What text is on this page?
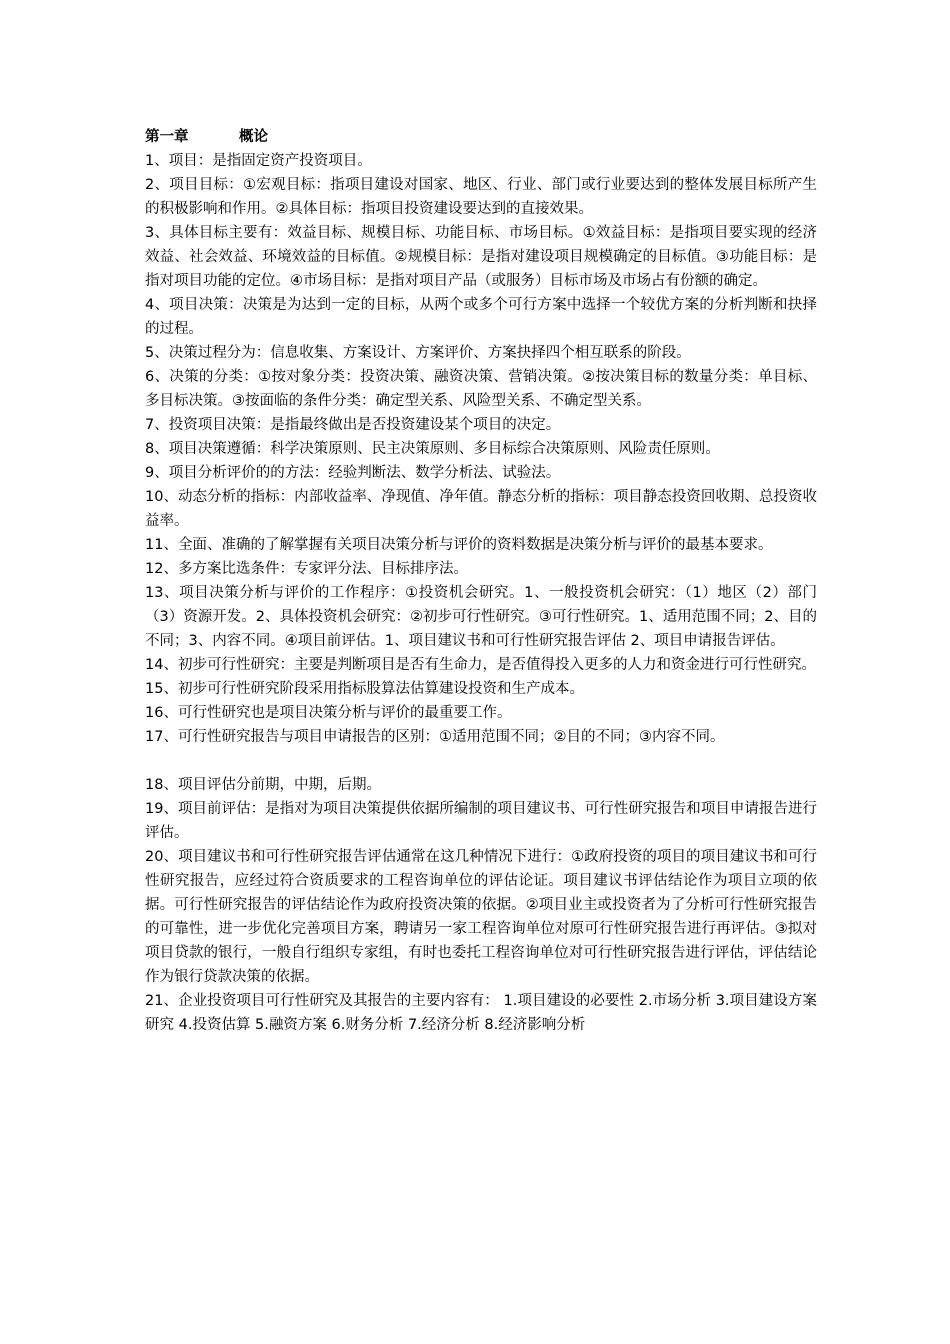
第一章          概论

1、项目：是指固定资产投资项目。

2、项目目标：①宏观目标：指项目建设对国家、地区、行业、部门或行业要达到的整体发展目标所产生的积极影响和作用。②具体目标：指项目投资建设要达到的直接效果。

3、具体目标主要有：效益目标、规模目标、功能目标、市场目标。①效益目标：是指项目要实现的经济效益、社会效益、环境效益的目标值。②规模目标：是指对建设项目规模确定的目标值。③功能目标：是指对项目功能的定位。④市场目标：是指对项目产品（或服务）目标市场及市场占有份额的确定。

4、项目决策：决策是为达到一定的目标，从两个或多个可行方案中选择一个较优方案的分析判断和抉择的过程。

5、决策过程分为：信息收集、方案设计、方案评价、方案抉择四个相互联系的阶段。

6、决策的分类：①按对象分类：投资决策、融资决策、营销决策。②按决策目标的数量分类：单目标、多目标决策。③按面临的条件分类：确定型关系、风险型关系、不确定型关系。

7、投资项目决策：是指最终做出是否投资建设某个项目的决定。

8、项目决策遵循：科学决策原则、民主决策原则、多目标综合决策原则、风险责任原则。

9、项目分析评价的的方法：经验判断法、数学分析法、试验法。

10、动态分析的指标：内部收益率、净现值、净年值。静态分析的指标：项目静态投资回收期、总投资收益率。

11、全面、准确的了解掌握有关项目决策分析与评价的资料数据是决策分析与评价的最基本要求。

12、多方案比选条件：专家评分法、目标排序法。

13、项目决策分析与评价的工作程序：①投资机会研究。1、一般投资机会研究：（1）地区（2）部门（3）资源开发。2、具体投资机会研究：②初步可行性研究。③可行性研究。1、适用范围不同；2、目的不同；3、内容不同。④项目前评估。1、项目建议书和可行性研究报告评估 2、项目申请报告评估。

14、初步可行性研究：主要是判断项目是否有生命力，是否值得投入更多的人力和资金进行可行性研究。

15、初步可行性研究阶段采用指标股算法估算建设投资和生产成本。

16、可行性研究也是项目决策分析与评价的最重要工作。

17、可行性研究报告与项目申请报告的区别：①适用范围不同；②目的不同；③内容不同。

18、项目评估分前期，中期，后期。

19、项目前评估：是指对为项目决策提供依据所编制的项目建议书、可行性研究报告和项目申请报告进行评估。

20、项目建议书和可行性研究报告评估通常在这几种情况下进行：①政府投资的项目的项目建议书和可行性研究报告，应经过符合资质要求的工程咨询单位的评估论证。项目建议书评估结论作为项目立项的依据。可行性研究报告的评估结论作为政府投资决策的依据。②项目业主或投资者为了分析可行性研究报告的可靠性，进一步优化完善项目方案，聘请另一家工程咨询单位对原可行性研究报告进行再评估。③拟对项目贷款的银行，一般自行组织专家组，有时也委托工程咨询单位对可行性研究报告进行评估，评估结论作为银行贷款决策的依据。

21、企业投资项目可行性研究及其报告的主要内容有： 1.项目建设的必要性 2.市场分析 3.项目建设方案研究 4.投资估算 5.融资方案 6.财务分析 7.经济分析 8.经济影响分析
